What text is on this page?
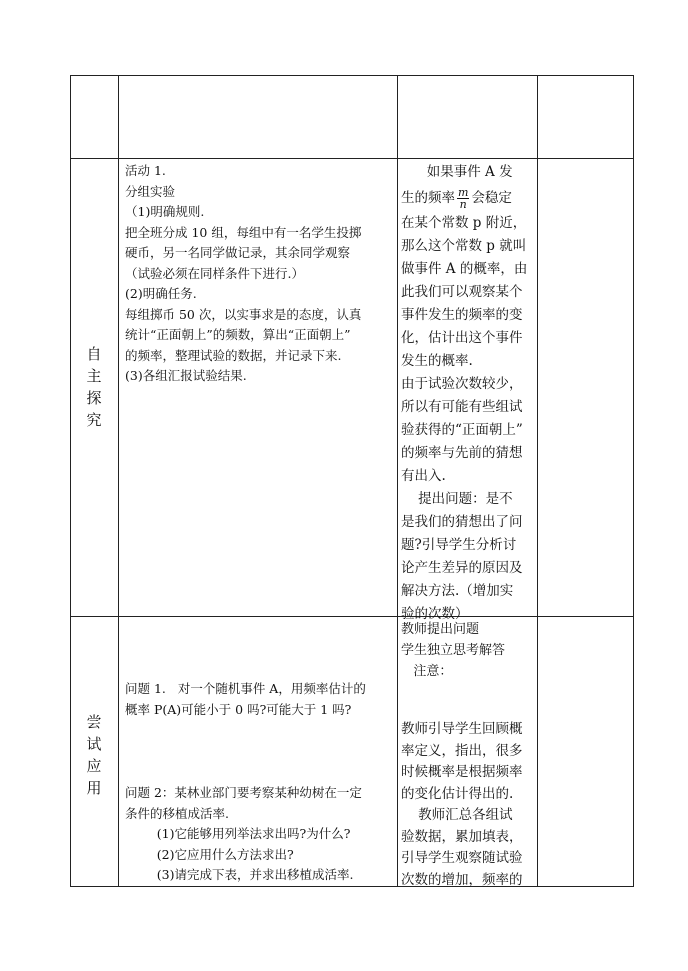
自
主
探
究
活动 1.
分组实验
（1)明确规则.
把全班分成 10 组，每组中有一名学生投掷
硬币，另一名同学做记录，其余同学观察
（试验必须在同样条件下进行.）
(2)明确任务.
每组掷币 50 次，以实事求是的态度，认真
统计“正面朝上”的频数，算出“正面朝上”
的频率，整理试验的数据，并记录下来.
(3)各组汇报试验结果.
如果事件 A 发
生的频率 $\frac{m}{n}$ 会稳定
在某个常数 p 附近，
那么这个常数 p 就叫
做事件 A 的概率，由
此我们可以观察某个
事件发生的频率的变
化，估计出这个事件
发生的概率.
由于试验次数较少，
所以有可能有些组试
验获得的“正面朝上”
的频率与先前的猜想
有出入.
提出问题：是不
是我们的猜想出了问
题?引导学生分析讨
论产生差异的原因及
解决方法.（增加实
验的次数）
尝
试
应
用
问题 1.   对一个随机事件 A，用频率估计的
概率 P(A)可能小于 0 吗?可能大于 1 吗?
问题 2：某林业部门要考察某种幼树在一定
条件的移植成活率.
(1)它能够用列举法求出吗?为什么?
(2)它应用什么方法求出?
(3)请完成下表，并求出移植成活率.
教师提出问题
学生独立思考解答
注意：
教师引导学生回顾概
率定义，指出，很多
时候概率是根据频率
的变化估计得出的.
教师汇总各组试
验数据，累加填表，
引导学生观察随试验
次数的增加，频率的
